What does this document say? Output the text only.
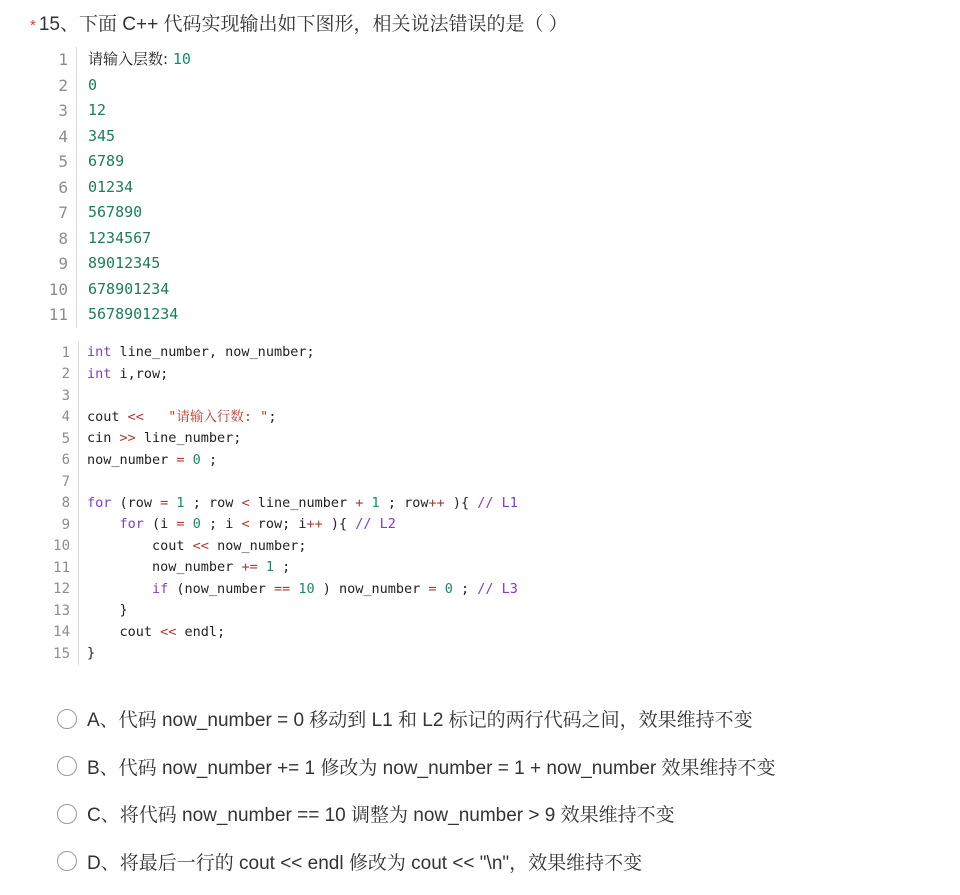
* 15、下面 C++ 代码实现输出如下图形，相关说法错误的是（ ）
1	请输入层数: 10
2	0
3	12
4	345
5	6789
6	01234
7	567890
8	1234567
9	89012345
10	678901234
11	5678901234
1	int line_number, now_number;
2	int i,row;
3
4	cout <<   "请输入行数: ";
5	cin >> line_number;
6	now_number = 0 ;
7
8	for (row = 1 ; row < line_number + 1 ; row++ ){ // L1
9	for (i = 0 ; i < row; i++ ){ // L2
10	cout << now_number;
11	now_number += 1 ;
12	if (now_number == 10 ) now_number = 0 ; // L3
13	}
14	cout << endl;
15	}
A、代码 now_number = 0 移动到 L1 和 L2 标记的两行代码之间，效果维持不变
B、代码 now_number += 1 修改为 now_number = 1 + now_number 效果维持不变
C、将代码 now_number == 10 调整为 now_number > 9 效果维持不变
D、将最后一行的 cout << endl 修改为 cout << "\n"，效果维持不变
